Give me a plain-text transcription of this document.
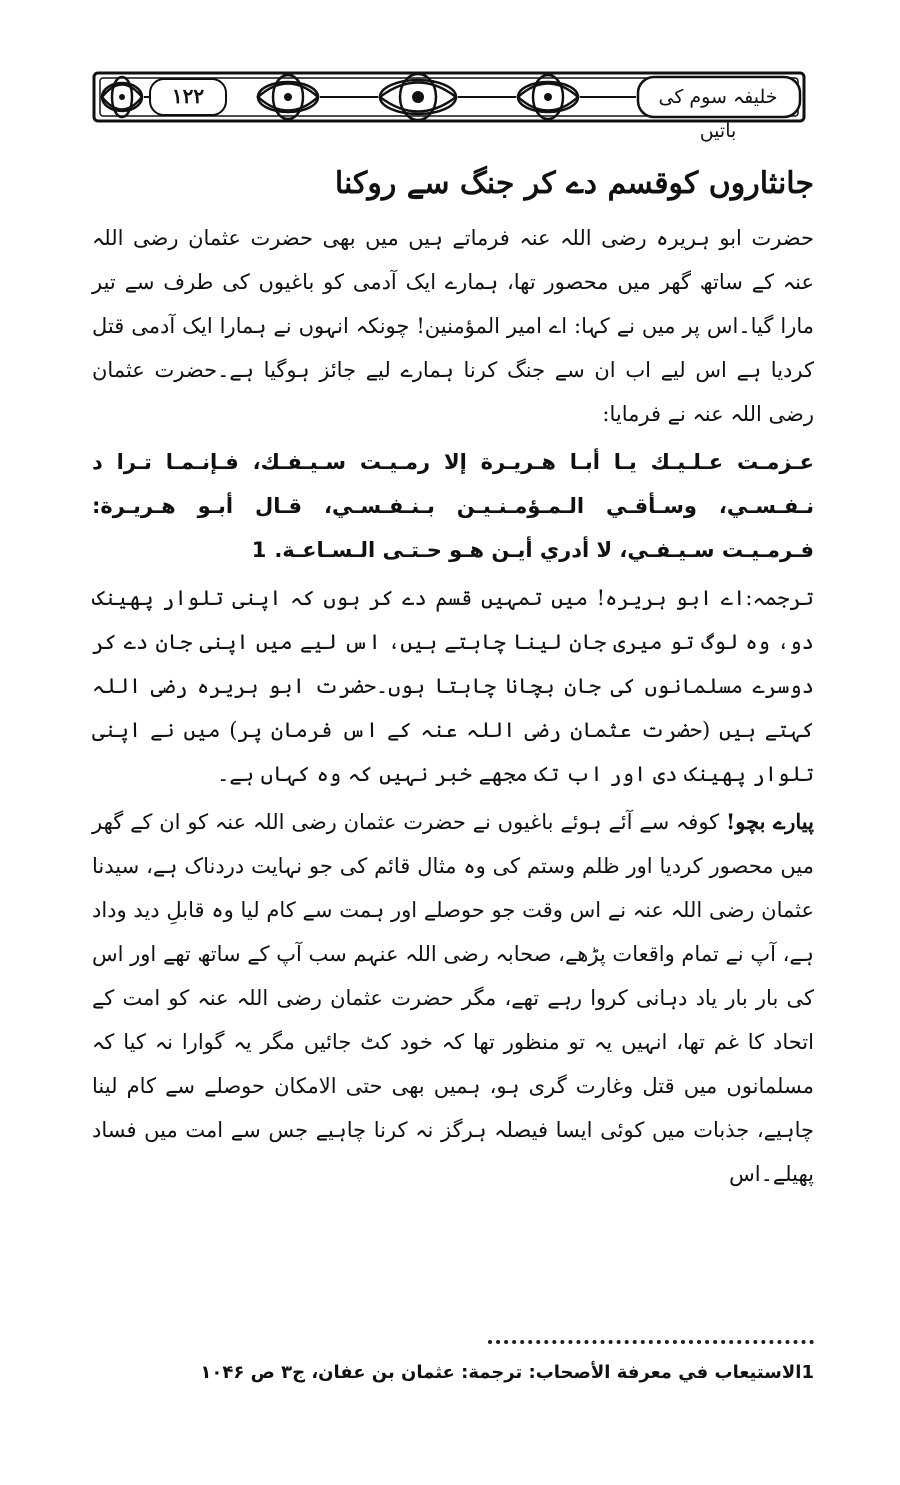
۱۲۲	خلیفہ سوم کی باتیں
جانثاروں کوقسم دے کر جنگ سے روکنا

حضرت ابو ہریرہ رضی اللہ عنہ فرماتے ہیں میں بھی حضرت عثمان رضی اللہ عنہ کے ساتھ گھر میں محصور تھا، ہمارے ایک آدمی کو باغیوں کی طرف سے تیر مارا گیا۔اس پر میں نے کہا: اے امیر المؤمنین! چونکہ انہوں نے ہمارا ایک آدمی قتل کردیا ہے اس لیے اب ان سے جنگ کرنا ہمارے لیے جائز ہوگیا ہے۔حضرت عثمان رضی اللہ عنہ نے فرمایا:

عـزمـت عـلـيـك يـا أبـا هـريـرة إلا رمـيـت سـيـفـك، فـإنـمـا تـرا د نـفـسـي، وسـأقـي الـمـؤمـنـيـن بـنـفـسـي، قـال أبـو هـريـرة: فـرمـيـت سـيـفـي، لا أدري أيـن هـو حـتـى الـسـاعـة.1

ترجمہ:اے ابو ہریرہ! میں تمہیں قسم دے کر ہوں کہ اپنی تلوار پھینک دو، وہ لوگ تو میری جان لینا چاہتے ہیں، اس لیے میں اپنی جان دے کر دوسرے مسلمانوں کی جان بچانا چاہتا ہوں۔حضرت ابو ہریرہ رضی اللہ کہتے ہیں (حضرت عثمان رضی اللہ عنہ کے اس فرمان پر) میں نے اپنی تلوار پھینک دی اور اب تک مجھے خبر نہیں کہ وہ کہاں ہے۔

پیارے بچو! کوفہ سے آئے ہوئے باغیوں نے حضرت عثمان رضی اللہ عنہ کو ان کے گھر میں محصور کردیا اور ظلم وستم کی وہ مثال قائم کی جو نہایت دردناک ہے، سیدنا عثمان رضی اللہ عنہ نے اس وقت جو حوصلے اور ہمت سے کام لیا وہ قابلِ دید وداد ہے، آپ نے تمام واقعات پڑھے، صحابہ رضی اللہ عنہم سب آپ کے ساتھ تھے اور اس کی بار بار یاد دہانی کروا رہے تھے، مگر حضرت عثمان رضی اللہ عنہ کو امت کے اتحاد کا غم تھا، انہیں یہ تو منظور تھا کہ خود کٹ جائیں مگر یہ گوارا نہ کیا کہ مسلمانوں میں قتل وغارت گری ہو، ہمیں بھی حتی الامکان حوصلے سے کام لینا چاہیے، جذبات میں کوئی ایسا فیصلہ ہرگز نہ کرنا چاہیے جس سے امت میں فساد پھیلے۔اس

1الاستيعاب في معرفة الأصحاب: ترجمة: عثمان بن عفان، ج۳ ص ۱۰۴۶
